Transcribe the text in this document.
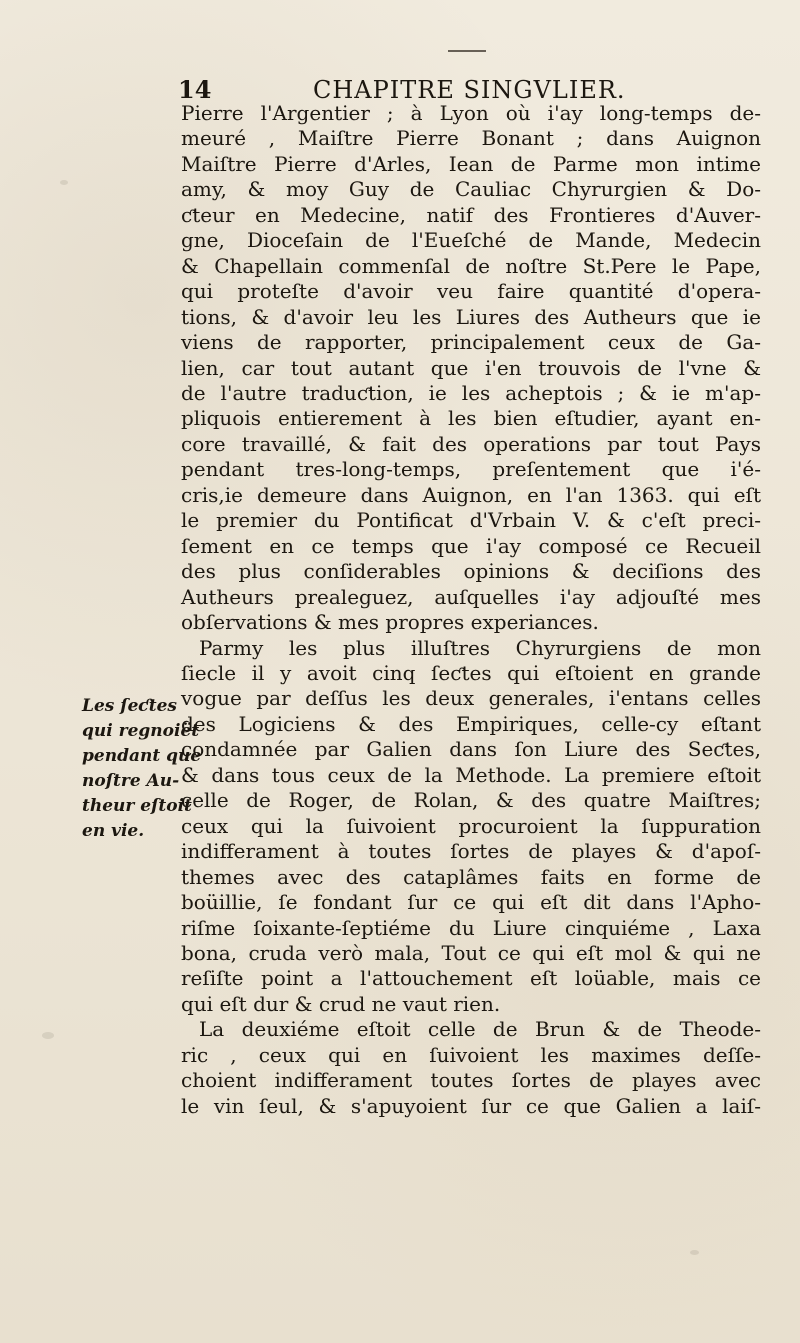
14	CHAPITRE SINGVLIER.
Les ſeƈtes
qui regnoiët
pendant que
noſtre Au-
theur eſtoit
en vie.
Pierre l'Argentier ; à Lyon où i'ay long-temps de-
meuré , Maiſtre Pierre Bonant ; dans Auignon
Maiſtre Pierre d'Arles, Iean de Parme mon intime
amy, & moy Guy de Cauliac Chyrurgien & Do-
ƈteur en Medecine, natif des Frontieres d'Auver-
gne, Dioceſain de l'Eueſché de Mande, Medecin
& Chapellain commenſal de noſtre St.Pere le Pape,
qui proteſte d'avoir veu faire quantité d'opera-
tions, & d'avoir leu les Liures des Autheurs que ie
viens de rapporter, principalement ceux de Ga-
lien, car tout autant que i'en trouvois de l'vne &
de l'autre traduƈtion, ie les acheptois ; & ie m'ap-
pliquois entierement à les bien eſtudier, ayant en-
core travaillé, & fait des operations par tout Pays
pendant tres-long-temps, preſentement que i'é-
cris,ie demeure dans Auignon, en l'an 1363. qui eſt
le premier du Pontificat d'Vrbain V. & c'eſt preci-
ſement en ce temps que i'ay composé ce Recueil
des plus conſiderables opinions & deciſions des
Autheurs prealeguez, auſquelles i'ay adjouſté mes
obſervations & mes propres experiances.
Parmy les plus illuſtres Chyrurgiens de mon
ſiecle il y avoit cinq ſeƈtes qui eſtoient en grande
vogue par deſſus les deux generales, i'entans celles
des Logiciens & des Empiriques, celle-cy eſtant
condamnée par Galien dans ſon Liure des Seƈtes,
& dans tous ceux de la Methode. La premiere eſtoit
celle de Roger, de Rolan, & des quatre Maiſtres;
ceux qui la ſuivoient procuroient la ſuppuration
indifferament à toutes ſortes de playes & d'apoſ-
themes avec des cataplâmes faits en forme de
boüillie, ſe fondant ſur ce qui eſt dit dans l'Apho-
riſme ſoixante-ſeptiéme du Liure cinquiéme , Laxa
bona, cruda verò mala, Tout ce qui eſt mol & qui ne
reſiſte point a l'attouchement eſt loüable, mais ce
qui eſt dur & crud ne vaut rien.
La deuxiéme eſtoit celle de Brun & de Theode-
ric , ceux qui en ſuivoient les maximes deſſe-
choient indifferament toutes ſortes de playes avec
le vin ſeul, & s'apuyoient ſur ce que Galien a laiſ-
